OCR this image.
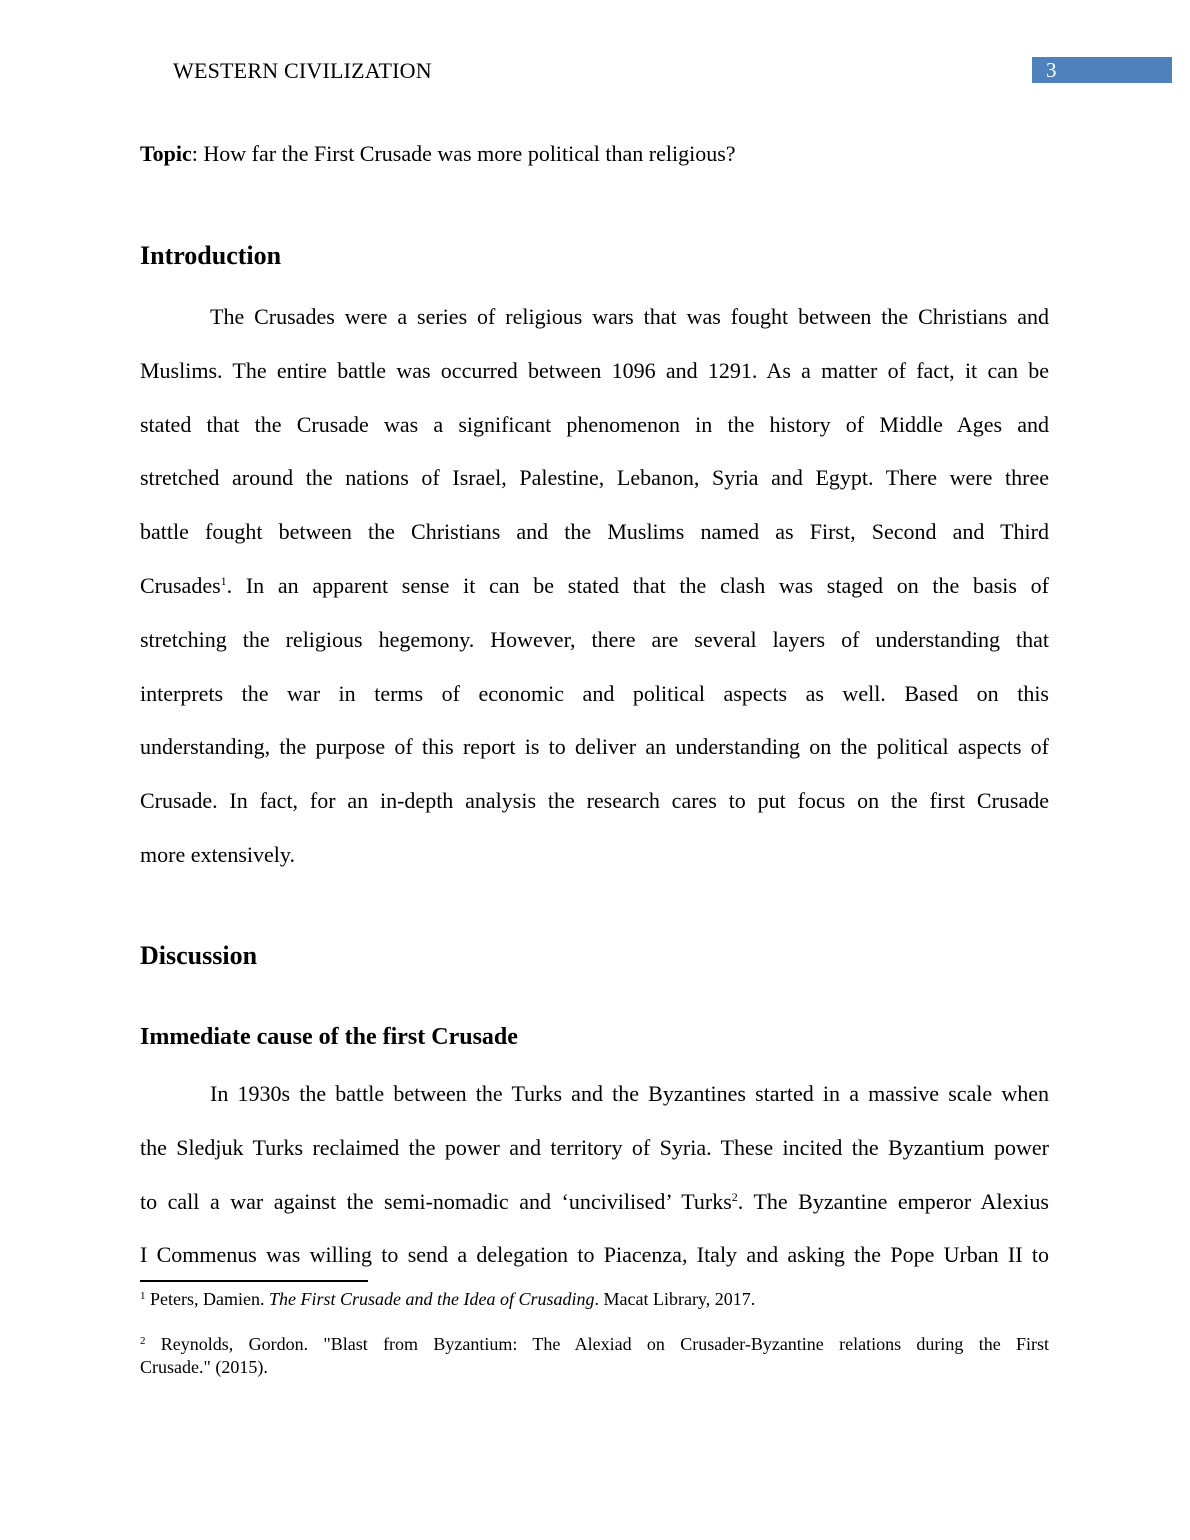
WESTERN CIVILIZATION	3
Topic: How far the First Crusade was more political than religious?
Introduction
The Crusades were a series of religious wars that was fought between the Christians and
Muslims. The entire battle was occurred between 1096 and 1291. As a matter of fact, it can be
stated that the Crusade was a significant phenomenon in the history of Middle Ages and
stretched around the nations of Israel, Palestine, Lebanon, Syria and Egypt. There were three
battle fought between the Christians and the Muslims named as First, Second and Third
Crusades$^1$. In an apparent sense it can be stated that the clash was staged on the basis of
stretching the religious hegemony. However, there are several layers of understanding that
interprets the war in terms of economic and political aspects as well. Based on this
understanding, the purpose of this report is to deliver an understanding on the political aspects of
Crusade. In fact, for an in-depth analysis the research cares to put focus on the first Crusade
more extensively.
Discussion
Immediate cause of the first Crusade
In 1930s the battle between the Turks and the Byzantines started in a massive scale when
the Sledjuk Turks reclaimed the power and territory of Syria. These incited the Byzantium power
to call a war against the semi-nomadic and ‘uncivilised’ Turks$^2$. The Byzantine emperor Alexius
I Commenus was willing to send a delegation to Piacenza, Italy and asking the Pope Urban II to
$^1$ Peters, Damien. The First Crusade and the Idea of Crusading. Macat Library, 2017.
$^2$ Reynolds, Gordon. "Blast from Byzantium: The Alexiad on Crusader-Byzantine relations during the First
Crusade." (2015).
